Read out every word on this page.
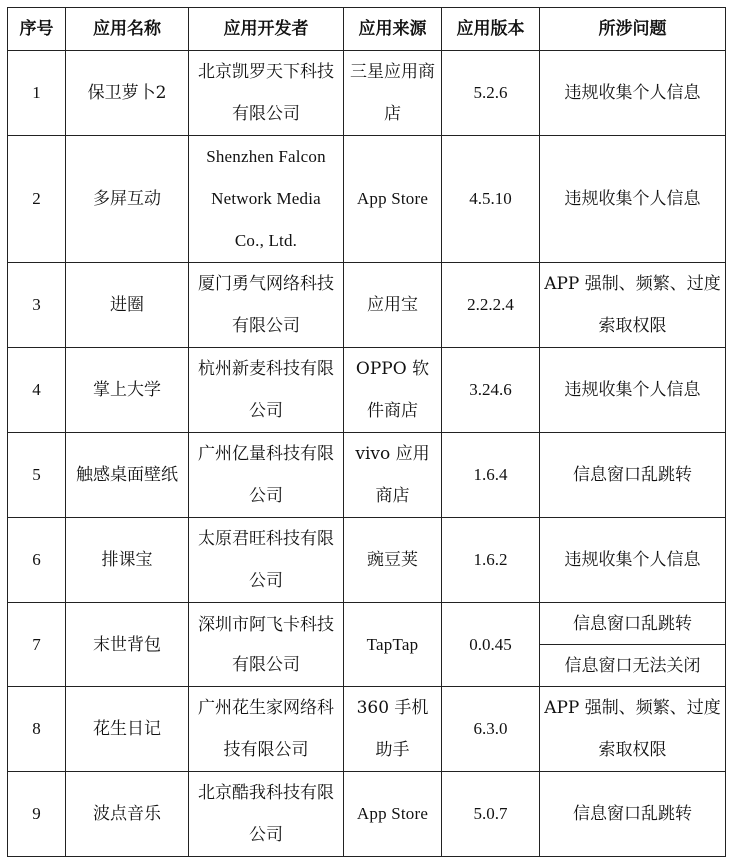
序号	应用名称	应用开发者	应用来源	应用版本	所涉问题
1	保卫萝卜2	北京凯罗天下科技有限公司	三星应用商店	5.2.6	违规收集个人信息
2	多屏互动	Shenzhen Falcon Network Media Co., Ltd.	App Store	4.5.10	违规收集个人信息
3	进圈	厦门勇气网络科技有限公司	应用宝	2.2.2.4	APP 强制、频繁、过度索取权限
4	掌上大学	杭州新麦科技有限公司	OPPO 软件商店	3.24.6	违规收集个人信息
5	触感桌面壁纸	广州亿量科技有限公司	vivo 应用商店	1.6.4	信息窗口乱跳转
6	排课宝	太原君旺科技有限公司	豌豆荚	1.6.2	违规收集个人信息
7	末世背包	深圳市阿飞卡科技有限公司	TapTap	0.0.45	信息窗口乱跳转
					信息窗口无法关闭
8	花生日记	广州花生家网络科技有限公司	360 手机助手	6.3.0	APP 强制、频繁、过度索取权限
9	波点音乐	北京酷我科技有限公司	App Store	5.0.7	信息窗口乱跳转
